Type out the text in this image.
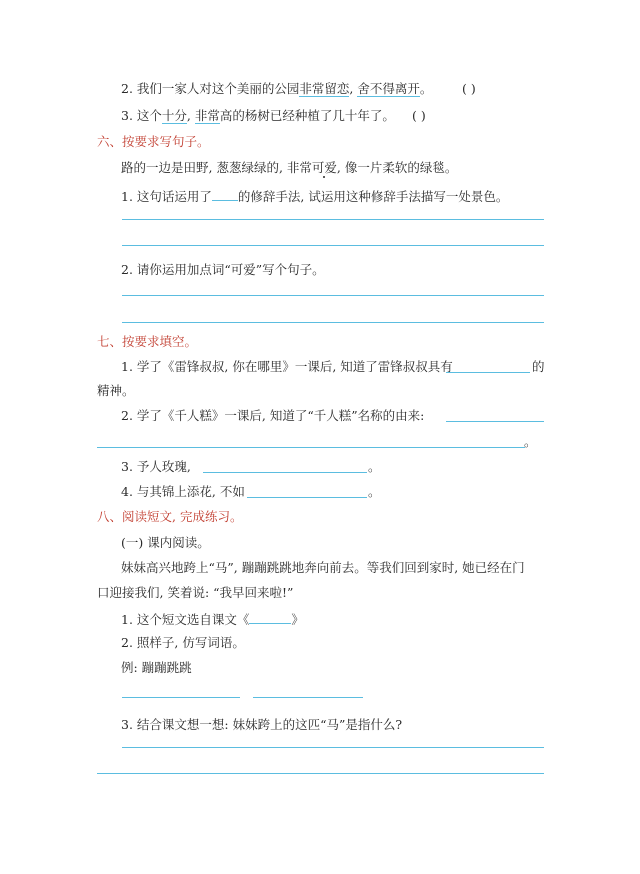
2. 我们一家人对这个美丽的公园非常留恋, 舍不得离开。 ( )
3. 这个十分, 非常高的杨树已经种植了几十年了。 ( )
六、按要求写句子。
路的一边是田野, 葱葱绿绿的, 非常可爱, 像一片柔软的绿毯。
1. 这句话运用了 的修辞手法, 试运用这种修辞手法描写一处景色。
2. 请你运用加点词“可爱”写个句子。
七、按要求填空。
1. 学了《雷锋叔叔, 你在哪里》一课后, 知道了雷锋叔叔具有	的
精神。
2. 学了《千人糕》一课后, 知道了“千人糕”名称的由来:
。
3. 予人玫瑰,	。
4. 与其锦上添花, 不如	。
八、阅读短文, 完成练习。
(一) 课内阅读。
妹妹高兴地跨上“马”, 蹦蹦跳跳地奔向前去。等我们回到家时, 她已经在门
口迎接我们, 笑着说: “我早回来啦!”
1. 这个短文选自课文《	》
2. 照样子, 仿写词语。
例: 蹦蹦跳跳
3. 结合课文想一想: 妹妹跨上的这匹“马”是指什么?
